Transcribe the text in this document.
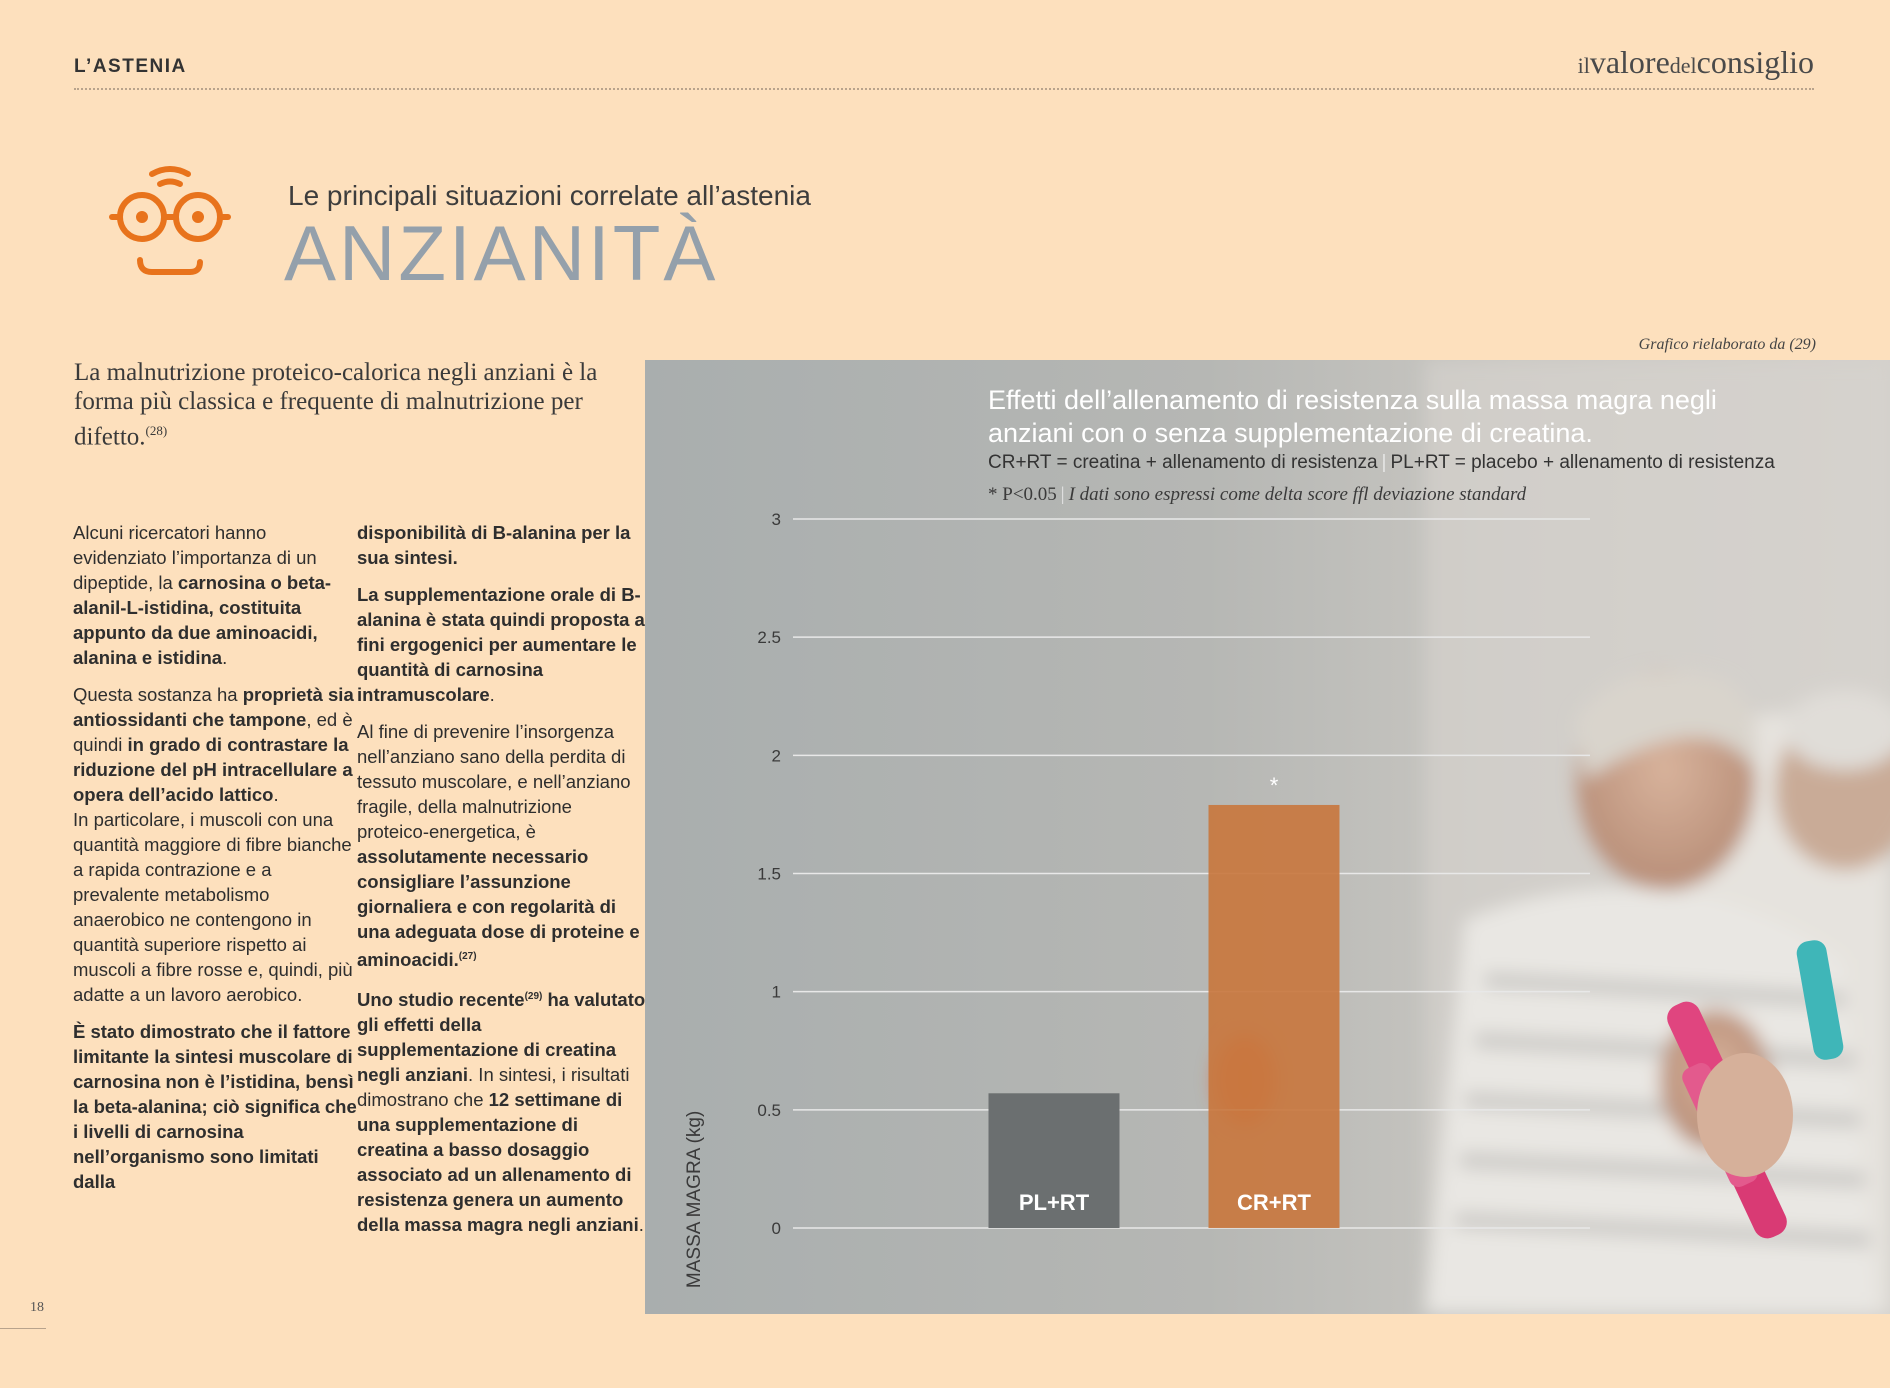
L’ASTENIA	ilvaloredelconsiglio
Le principali situazioni correlate all’astenia
ANZIANITÀ
Grafico rielaborato da (29)
La malnutrizione proteico-calorica negli anziani è la forma più classica e frequente di malnutrizione per difetto.$^{(28)}$

Alcuni ricercatori hanno evidenziato l’importanza di un dipeptide, la carnosina o beta-alanil-L-istidina, costituita appunto da due aminoacidi, alanina e istidina.

Questa sostanza ha proprietà sia antiossidanti che tampone, ed è quindi in grado di contrastare la riduzione del pH intracellulare a opera dell’acido lattico.
In particolare, i muscoli con una quantità maggiore di fibre bianche a rapida contrazione e a prevalente metabolismo anaerobico ne contengono in quantità superiore rispetto ai muscoli a fibre rosse e, quindi, più adatte a un lavoro aerobico.

È stato dimostrato che il fattore limitante la sintesi muscolare di carnosina non è l’istidina, bensì la beta-alanina; ciò significa che i livelli di carnosina nell’organismo sono limitati dalla

disponibilità di B-alanina per la sua sintesi.

La supplementazione orale di B-alanina è stata quindi proposta a fini ergogenici per aumentare le quantità di carnosina intramuscolare.

Al fine di prevenire l’insorgenza nell’anziano sano della perdita di tessuto muscolare, e nell’anziano fragile, della malnutrizione proteico-energetica, è assolutamente necessario consigliare l’assunzione giornaliera e con regolarità di una adeguata dose di proteine e aminoacidi.$^{(27)}$

Uno studio recente$^{(29)}$ ha valutato gli effetti della supplementazione di creatina negli anziani. In sintesi, i risultati dimostrano che 12 settimane di una supplementazione di creatina a basso dosaggio associato ad un allenamento di resistenza genera un aumento della massa magra negli anziani.

18
Effetti dell’allenamento di resistenza sulla massa magra negli anziani con o senza supplementazione di creatina.
CR+RT = creatina + allenamento di resistenza | PL+RT = placebo + allenamento di resistenza
* P<0.05 | I dati sono espressi come delta score ffl deviazione standard
0
0.5
1
1.5
2
2.5
3
MASSA MAGRA (kg)	PL+RT	CR+RT
*
